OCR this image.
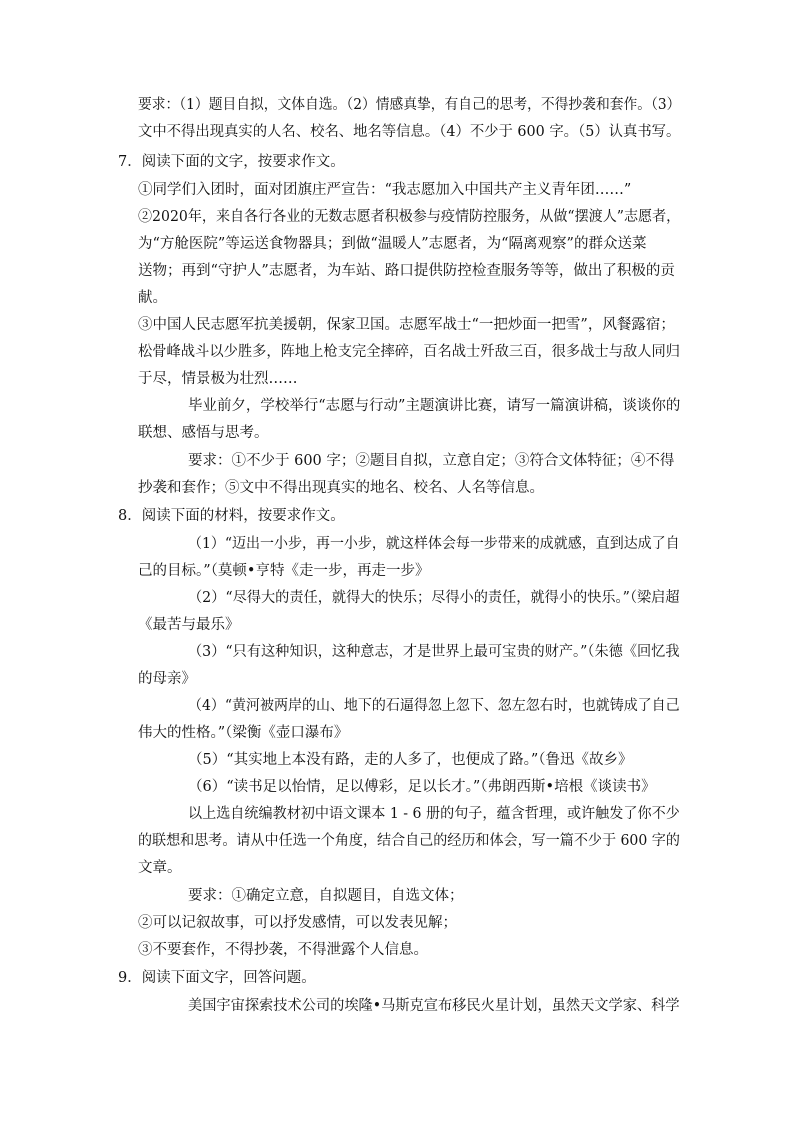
要求：（1）题目自拟，文体自选。（2）情感真挚，有自己的思考，不得抄袭和套作。（3）
文中不得出现真实的人名、校名、地名等信息。（4）不少于 600 字。（5）认真书写。
7．阅读下面的文字，按要求作文。
①同学们入团时，面对团旗庄严宣告：“我志愿加入中国共产主义青年团……”
②2020年，来自各行各业的无数志愿者积极参与疫情防控服务，从做“摆渡人”志愿者，
为“方舱医院”等运送食物器具；到做“温暖人”志愿者，为“隔离观察”的群众送菜
送物；再到“守护人”志愿者，为车站、路口提供防控检查服务等等，做出了积极的贡
献。
③中国人民志愿军抗美援朝，保家卫国。志愿军战士“一把炒面一把雪”，风餐露宿；
松骨峰战斗以少胜多，阵地上枪支完全摔碎，百名战士歼敌三百，很多战士与敌人同归
于尽，情景极为壮烈……
毕业前夕，学校举行“志愿与行动”主题演讲比赛，请写一篇演讲稿，谈谈你的
联想、感悟与思考。
要求：①不少于 600 字；②题目自拟，立意自定；③符合文体特征；④不得
抄袭和套作；⑤文中不得出现真实的地名、校名、人名等信息。
8．阅读下面的材料，按要求作文。
（1）“迈出一小步，再一小步，就这样体会每一步带来的成就感，直到达成了自
己的目标。”（莫顿•亨特《走一步，再走一步》
（2）“尽得大的责任，就得大的快乐；尽得小的责任，就得小的快乐。”（梁启超
《最苦与最乐》
（3）“只有这种知识，这种意志，才是世界上最可宝贵的财产。”（朱德《回忆我
的母亲》
（4）“黄河被两岸的山、地下的石逼得忽上忽下、忽左忽右时，也就铸成了自己
伟大的性格。”（梁衡《壶口瀑布》
（5）“其实地上本没有路，走的人多了，也便成了路。”（鲁迅《故乡》
（6）“读书足以怡情，足以傅彩，足以长才。”（弗朗西斯•培根《谈读书》
以上选自统编教材初中语文课本 1 - 6 册的句子，蕴含哲理，或许触发了你不少
的联想和思考。请从中任选一个角度，结合自己的经历和体会，写一篇不少于 600 字的
文章。
要求：①确定立意，自拟题目，自选文体；
②可以记叙故事，可以抒发感情，可以发表见解；
③不要套作，不得抄袭，不得泄露个人信息。
9．阅读下面文字，回答问题。
美国宇宙探索技术公司的埃隆•马斯克宣布移民火星计划，虽然天文学家、科学
